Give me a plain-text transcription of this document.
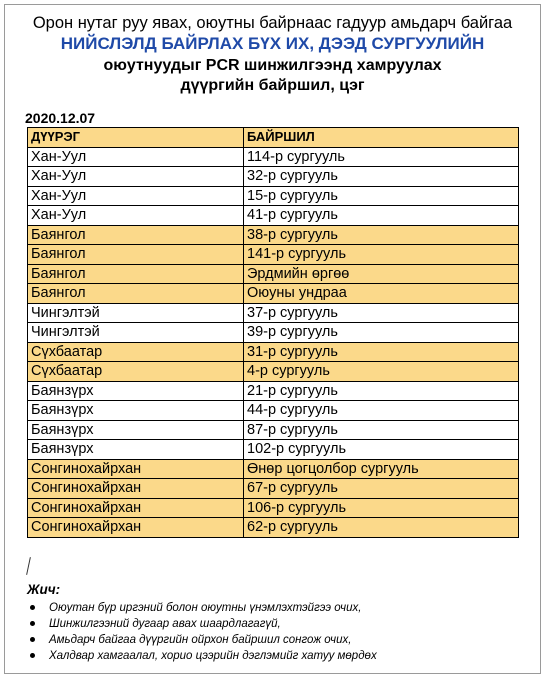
Орон нутаг руу явах, оюутны байрнаас гадуур амьдарч байгаа
НИЙСЛЭЛД БАЙРЛАХ БҮХ ИХ, ДЭЭД СУРГУУЛИЙН
оюутнуудыг PCR шинжилгээнд хамруулах
дүүргийн байршил, цэг
2020.12.07
ДҮҮРЭГ	БАЙРШИЛ
Хан-Уул	114-р сургууль
Хан-Уул	32-р сургууль
Хан-Уул	15-р сургууль
Хан-Уул	41-р сургууль
Баянгол	38-р сургууль
Баянгол	141-р сургууль
Баянгол	Эрдмийн өргөө
Баянгол	Оюуны ундраа
Чингэлтэй	37-р сургууль
Чингэлтэй	39-р сургууль
Сүхбаатар	31-р сургууль
Сүхбаатар	4-р сургууль
Баянзүрх	21-р сургууль
Баянзүрх	44-р сургууль
Баянзүрх	87-р сургууль
Баянзүрх	102-р сургууль
Сонгинохайрхан	Өнөр цогцолбор сургууль
Сонгинохайрхан	67-р сургууль
Сонгинохайрхан	106-р сургууль
Сонгинохайрхан	62-р сургууль
Жич:
Оюутан бүр иргэний болон оюутны үнэмлэхтэйгээ очих,
Шинжилгээний дугаар авах шаардлагагүй,
Амьдарч байгаа дүүргийн ойрхон байршил сонгож очих,
Халдвар хамгаалал, хорио цээрийн дэглэмийг хатуу мөрдөх
